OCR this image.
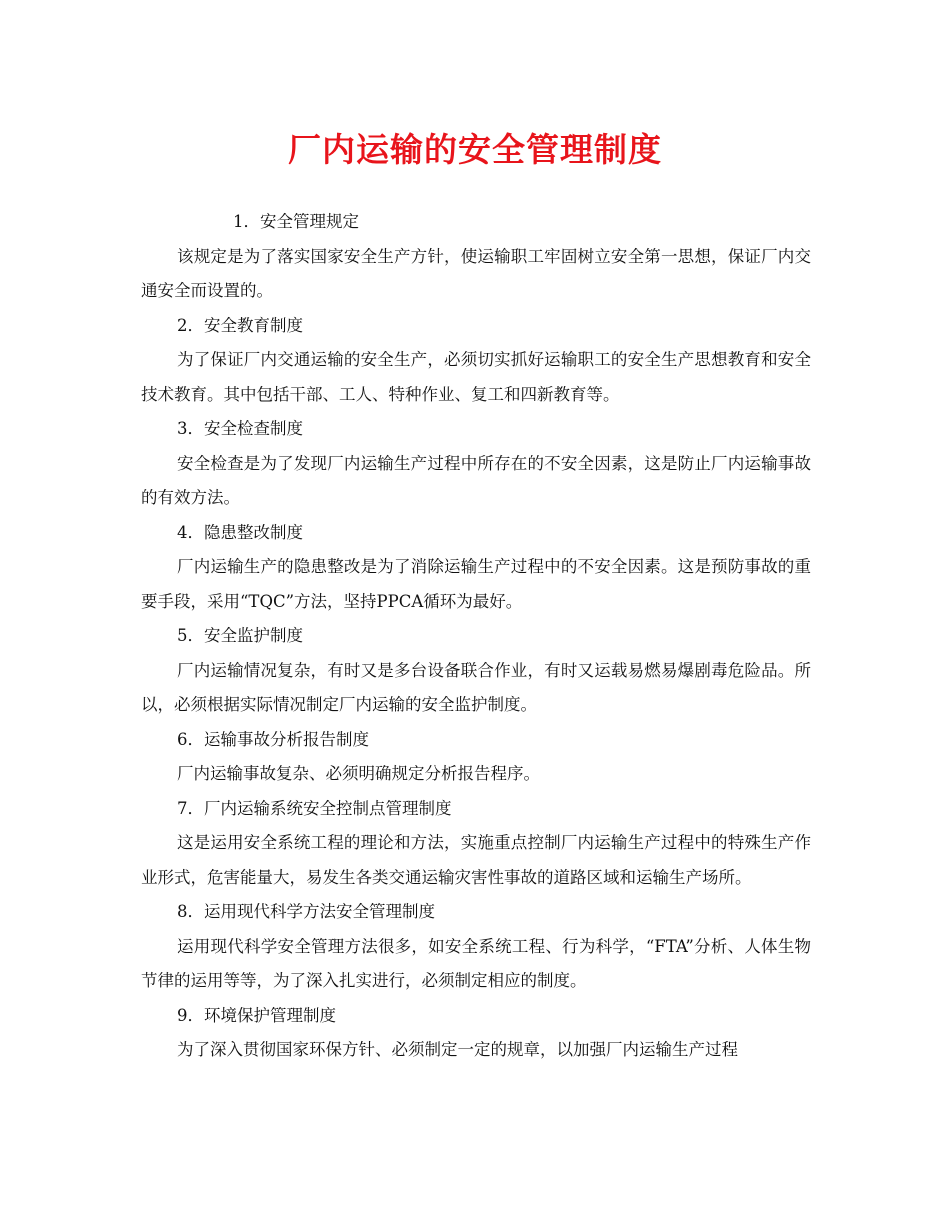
厂内运输的安全管理制度

1．安全管理规定

该规定是为了落实国家安全生产方针，使运输职工牢固树立安全第一思想，保证厂内交通安全而设置的。

2．安全教育制度

为了保证厂内交通运输的安全生产，必须切实抓好运输职工的安全生产思想教育和安全技术教育。其中包括干部、工人、特种作业、复工和四新教育等。

3．安全检查制度

安全检查是为了发现厂内运输生产过程中所存在的不安全因素，这是防止厂内运输事故的有效方法。

4．隐患整改制度

厂内运输生产的隐患整改是为了消除运输生产过程中的不安全因素。这是预防事故的重要手段，采用“TQC”方法，坚持PPCA循环为最好。

5．安全监护制度

厂内运输情况复杂，有时又是多台设备联合作业，有时又运载易燃易爆剧毒危险品。所以，必须根据实际情况制定厂内运输的安全监护制度。

6．运输事故分析报告制度

厂内运输事故复杂、必须明确规定分析报告程序。

7．厂内运输系统安全控制点管理制度

这是运用安全系统工程的理论和方法，实施重点控制厂内运输生产过程中的特殊生产作业形式，危害能量大，易发生各类交通运输灾害性事故的道路区域和运输生产场所。

8．运用现代科学方法安全管理制度

运用现代科学安全管理方法很多，如安全系统工程、行为科学，“FTA”分析、人体生物节律的运用等等，为了深入扎实进行，必须制定相应的制度。

9．环境保护管理制度

为了深入贯彻国家环保方针、必须制定一定的规章，以加强厂内运输生产过程
